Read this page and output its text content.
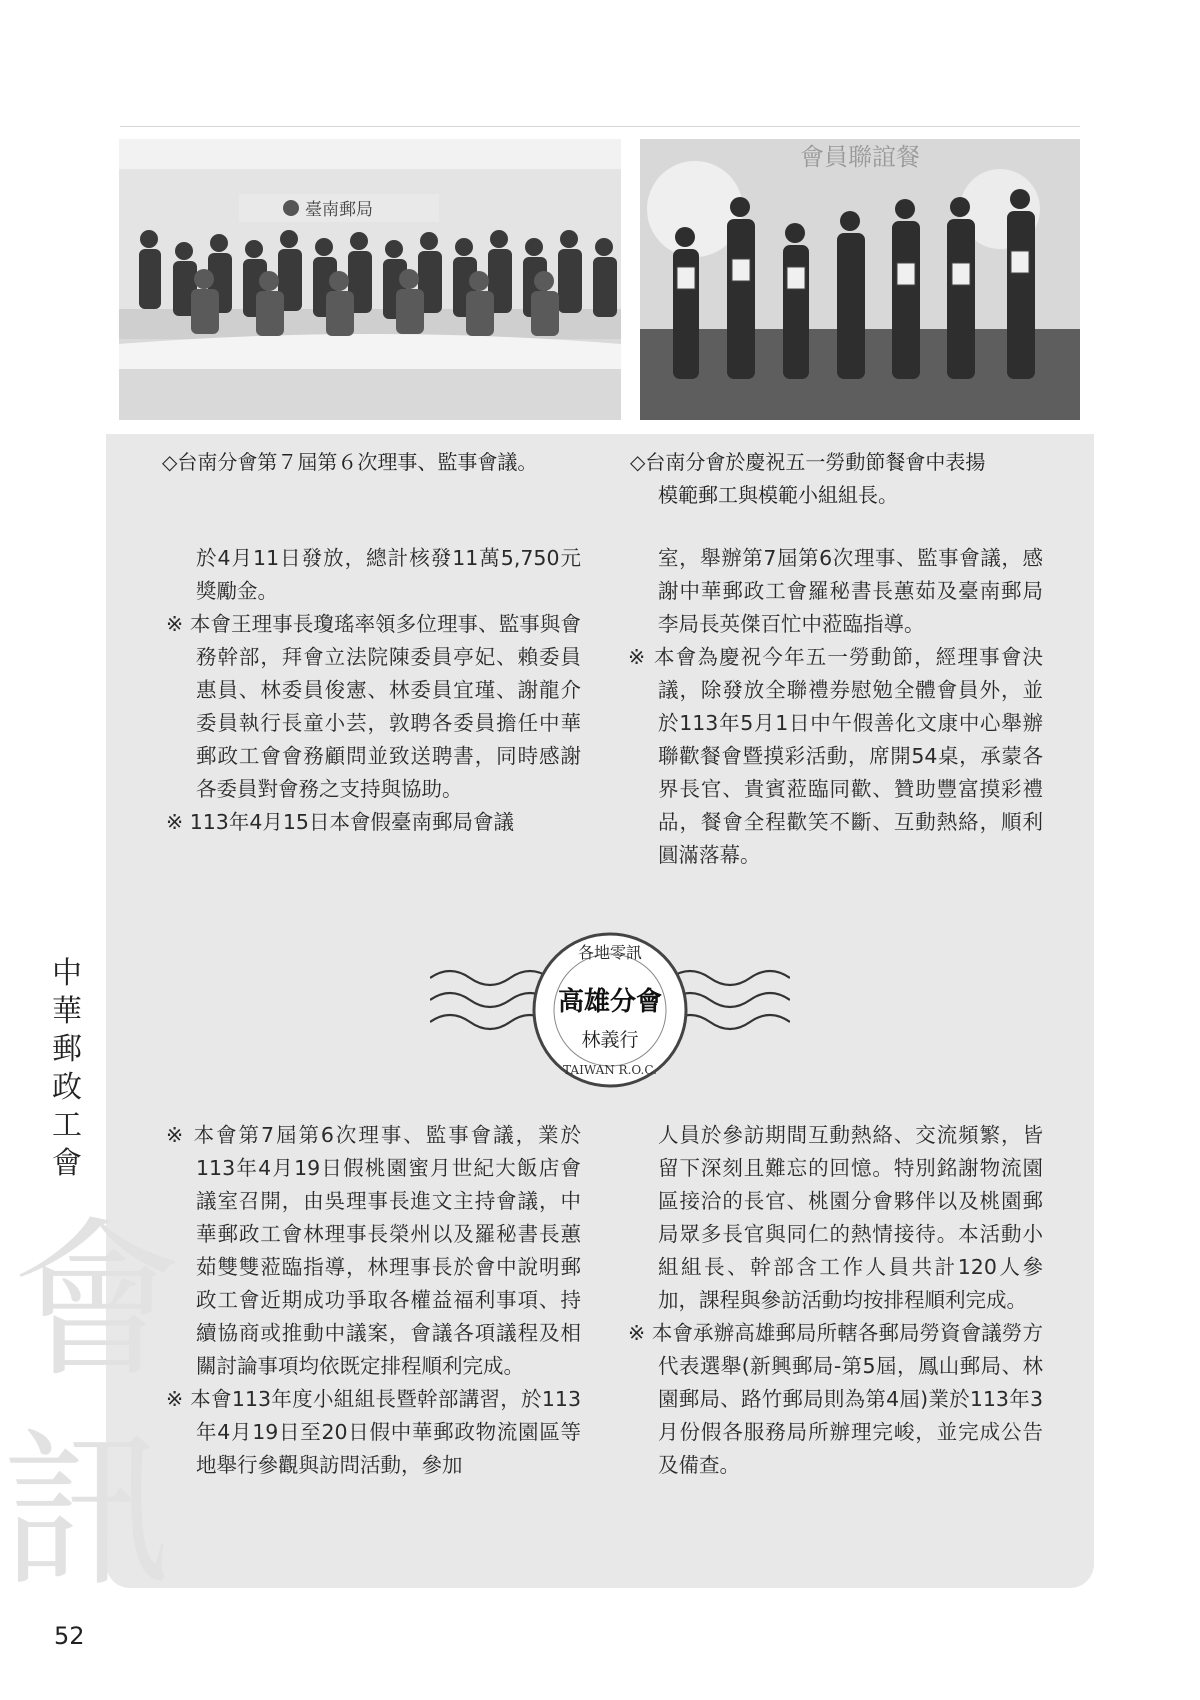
臺南郵局
會員聯誼餐

◇台南分會第７屆第６次理事、監事會議。	◇台南分會於慶祝五一勞動節餐會中表揚
模範郵工與模範小組組長。

於4月11日發放，總計核發11萬5,750元獎勵金。

※ 本會王理事長瓊瑤率領多位理事、監事與會務幹部，拜會立法院陳委員亭妃、賴委員惠員、林委員俊憲、林委員宜瑾、謝龍介委員執行長童小芸，敦聘各委員擔任中華郵政工會會務顧問並致送聘書，同時感謝各委員對會務之支持與協助。

※ 113年4月15日本會假臺南郵局會議

室，舉辦第7屆第6次理事、監事會議，感謝中華郵政工會羅秘書長蕙茹及臺南郵局李局長英傑百忙中蒞臨指導。

※ 本會為慶祝今年五一勞動節，經理事會決議，除發放全聯禮券慰勉全體會員外，並於113年5月1日中午假善化文康中心舉辦聯歡餐會暨摸彩活動，席開54桌，承蒙各界長官、貴賓蒞臨同歡、贊助豐富摸彩禮品，餐會全程歡笑不斷、互動熱絡，順利圓滿落幕。

各地零訊
高雄分會
林義行
TAIWAN R.O.C.

※ 本會第7屆第6次理事、監事會議，業於113年4月19日假桃園蜜月世紀大飯店會議室召開，由吳理事長進文主持會議，中華郵政工會林理事長榮州以及羅秘書長蕙茹雙雙蒞臨指導，林理事長於會中說明郵政工會近期成功爭取各權益福利事項、持續協商或推動中議案，會議各項議程及相關討論事項均依既定排程順利完成。

※ 本會113年度小組組長暨幹部講習，於113年4月19日至20日假中華郵政物流園區等地舉行參觀與訪問活動，參加

人員於參訪期間互動熱絡、交流頻繁，皆留下深刻且難忘的回憶。特別銘謝物流園區接洽的長官、桃園分會夥伴以及桃園郵局眾多長官與同仁的熱情接待。本活動小組組長、幹部含工作人員共計120人參加，課程與參訪活動均按排程順利完成。

※ 本會承辦高雄郵局所轄各郵局勞資會議勞方代表選舉(新興郵局-第5屆，鳳山郵局、林園郵局、路竹郵局則為第4屆)業於113年3月份假各服務局所辦理完峻，並完成公告及備查。

中
華
郵
政
工
會
會
訊
52
